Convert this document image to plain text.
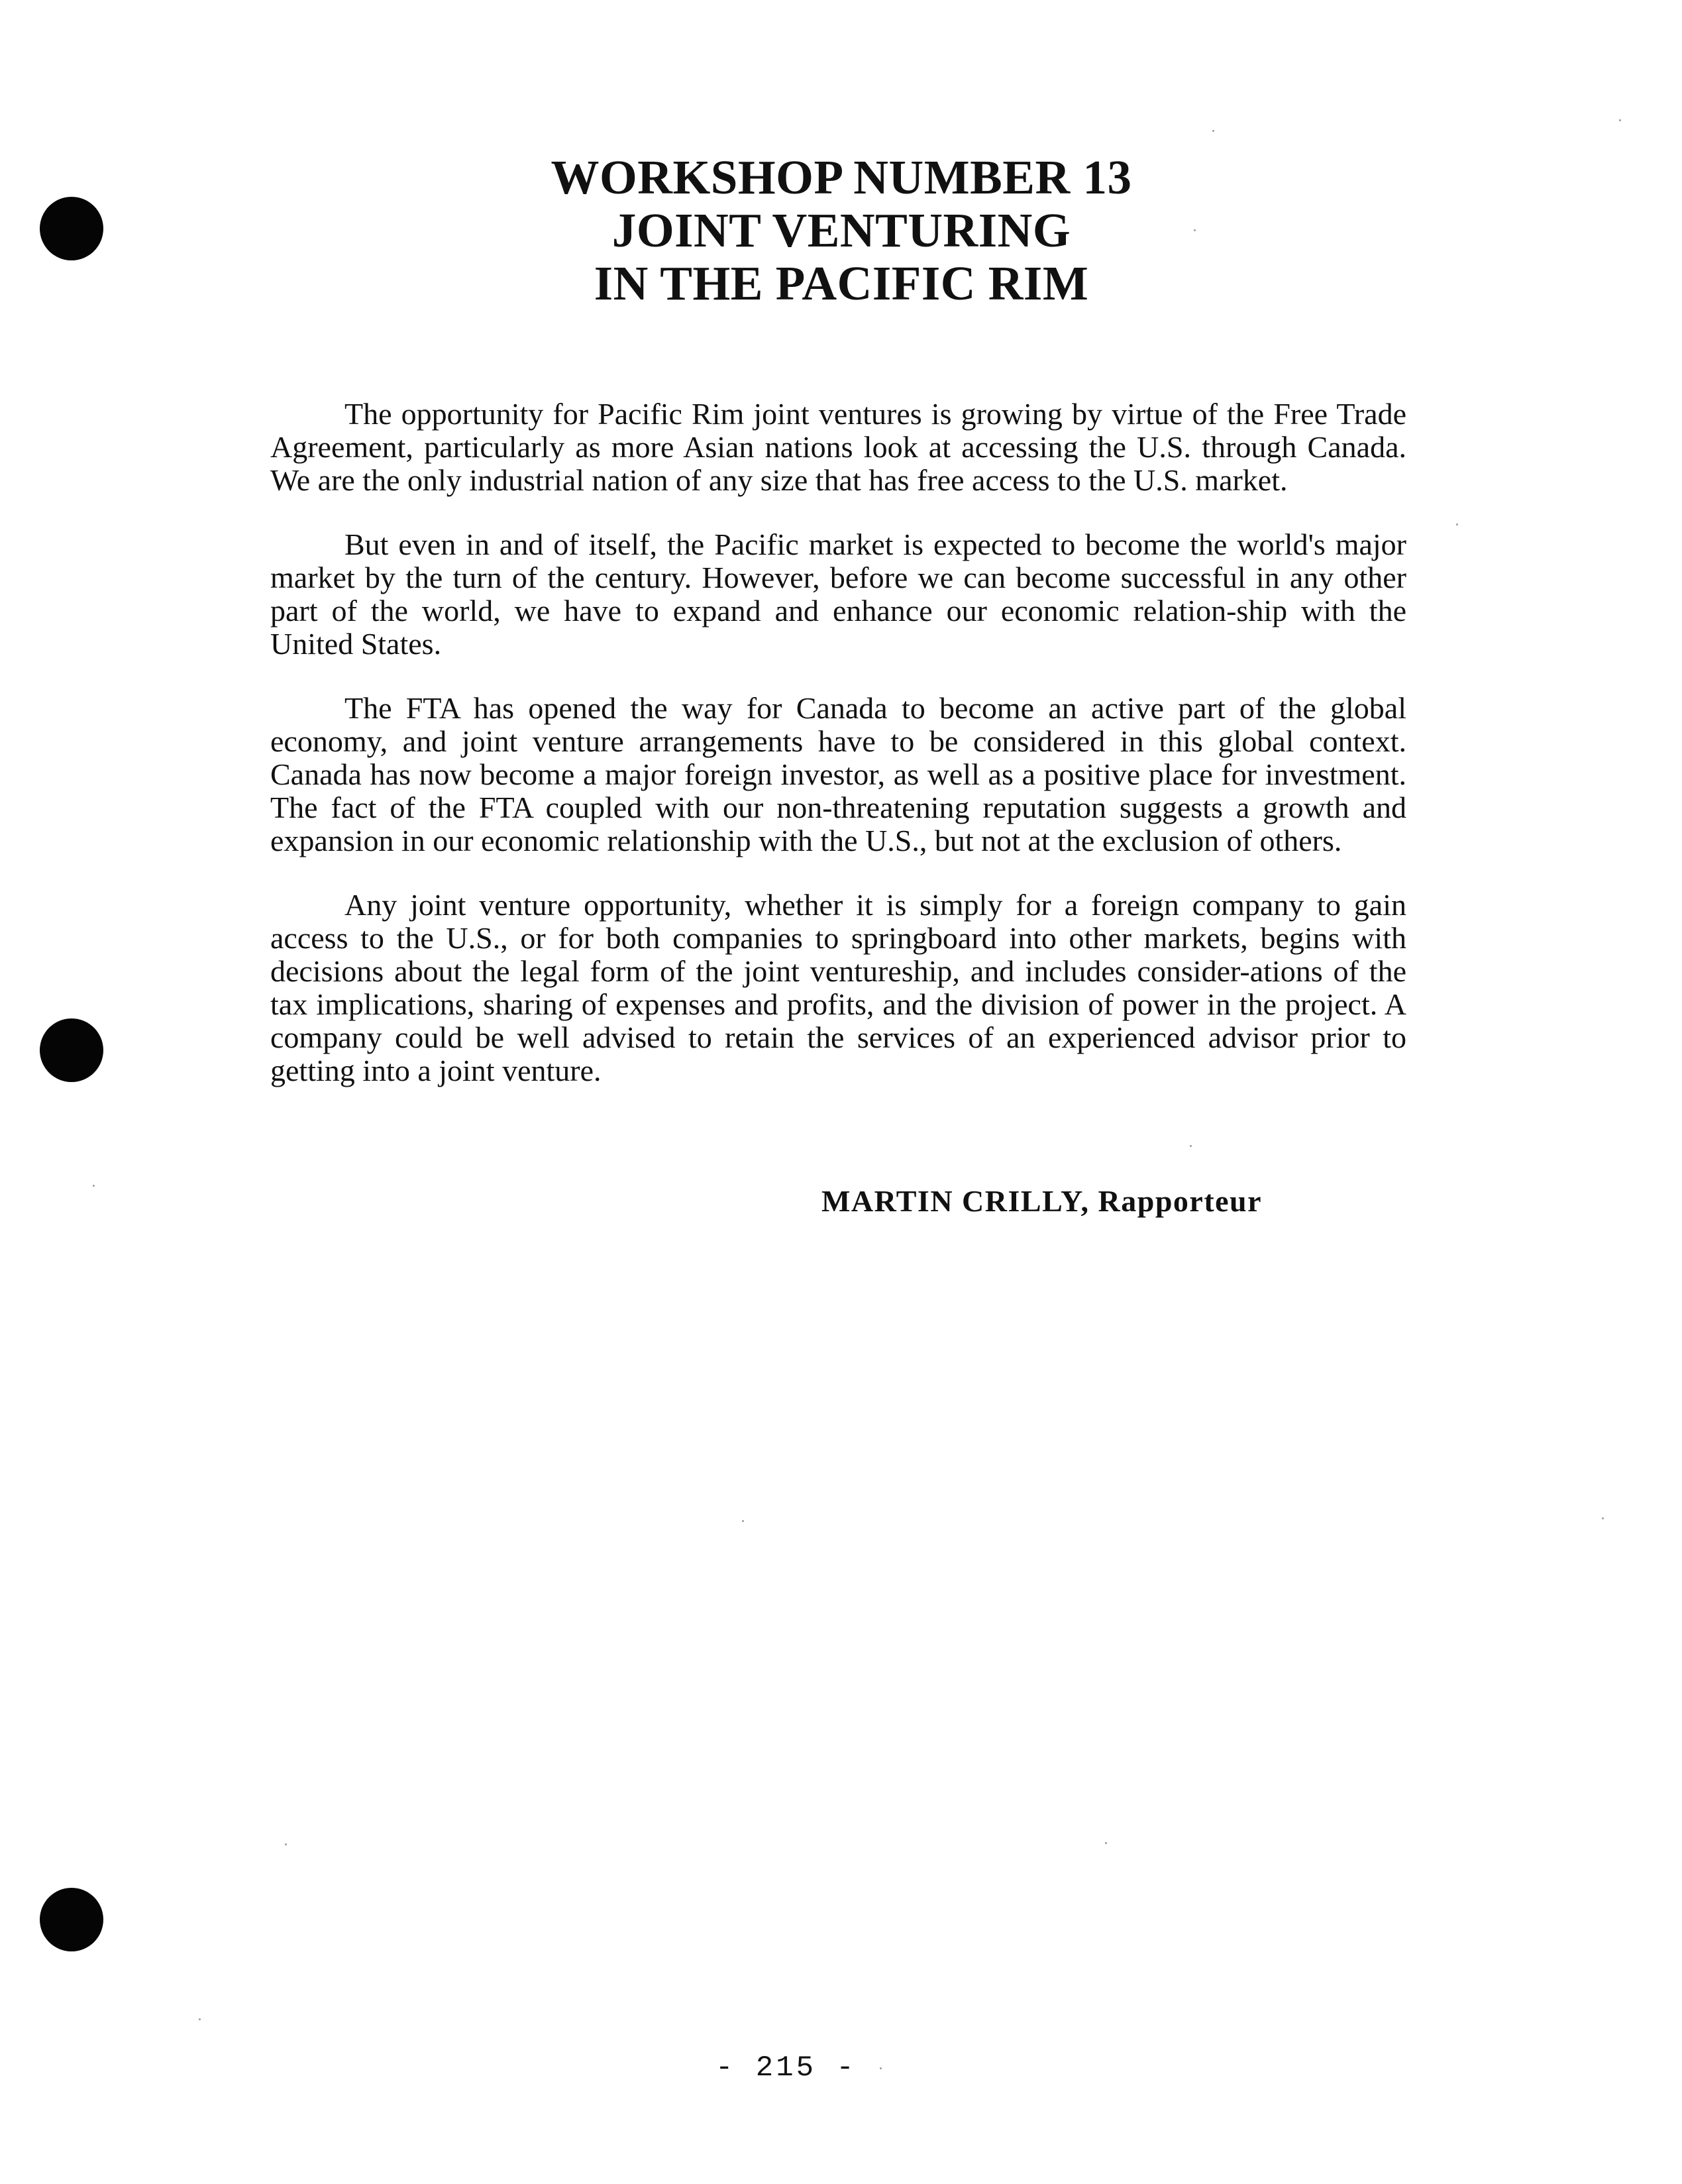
WORKSHOP NUMBER 13
JOINT VENTURING
IN THE PACIFIC RIM

The opportunity for Pacific Rim joint ventures is growing by virtue of the Free Trade Agreement, particularly as more Asian nations look at accessing the U.S. through Canada. We are the only industrial nation of any size that has free access to the U.S. market.

But even in and of itself, the Pacific market is expected to become the world's major market by the turn of the century. However, before we can become successful in any other part of the world, we have to expand and enhance our economic relation-ship with the United States.

The FTA has opened the way for Canada to become an active part of the global economy, and joint venture arrangements have to be considered in this global context. Canada has now become a major foreign investor, as well as a positive place for investment. The fact of the FTA coupled with our non-threatening reputation suggests a growth and expansion in our economic relationship with the U.S., but not at the exclusion of others.

Any joint venture opportunity, whether it is simply for a foreign company to gain access to the U.S., or for both companies to springboard into other markets, begins with decisions about the legal form of the joint ventureship, and includes consider-ations of the tax implications, sharing of expenses and profits, and the division of power in the project. A company could be well advised to retain the services of an experienced advisor prior to getting into a joint venture.

MARTIN CRILLY, Rapporteur
- 215 -
